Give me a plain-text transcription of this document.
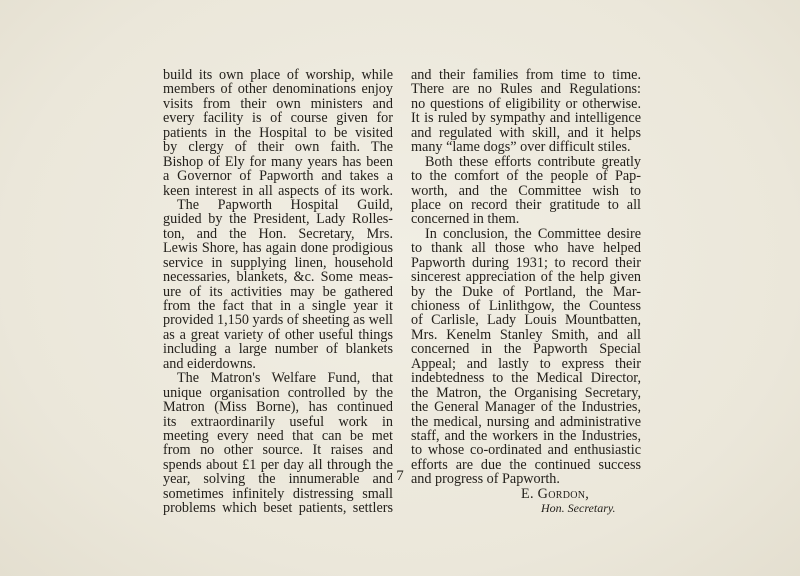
build its own place of worship, while
members of other denominations enjoy
visits from their own ministers and
every facility is of course given for
patients in the Hospital to be visited
by clergy of their own faith. The
Bishop of Ely for many years has been
a Governor of Papworth and takes a
keen interest in all aspects of its work.
The Papworth Hospital Guild,
guided by the President, Lady Rolles-
ton, and the Hon. Secretary, Mrs.
Lewis Shore, has again done prodigious
service in supplying linen, household
necessaries, blankets, &c. Some meas-
ure of its activities may be gathered
from the fact that in a single year it
provided 1,150 yards of sheeting as well
as a great variety of other useful things
including a large number of blankets
and eiderdowns.
The Matron's Welfare Fund, that
unique organisation controlled by the
Matron (Miss Borne), has continued
its extraordinarily useful work in
meeting every need that can be met
from no other source. It raises and
spends about £1 per day all through the
year, solving the innumerable and
sometimes infinitely distressing small
problems which beset patients, settlers
and their families from time to time.
There are no Rules and Regulations:
no questions of eligibility or otherwise.
It is ruled by sympathy and intelligence
and regulated with skill, and it helps
many “lame dogs” over difficult stiles.
Both these efforts contribute greatly
to the comfort of the people of Pap-
worth, and the Committee wish to
place on record their gratitude to all
concerned in them.
In conclusion, the Committee desire
to thank all those who have helped
Papworth during 1931; to record their
sincerest appreciation of the help given
by the Duke of Portland, the Mar-
chioness of Linlithgow, the Countess
of Carlisle, Lady Louis Mountbatten,
Mrs. Kenelm Stanley Smith, and all
concerned in the Papworth Special
Appeal; and lastly to express their
indebtedness to the Medical Director,
the Matron, the Organising Secretary,
the General Manager of the Industries,
the medical, nursing and administrative
staff, and the workers in the Industries,
to whose co-ordinated and enthusiastic
efforts are due the continued success
and progress of Papworth.
E. Gordon,
Hon. Secretary.
7
